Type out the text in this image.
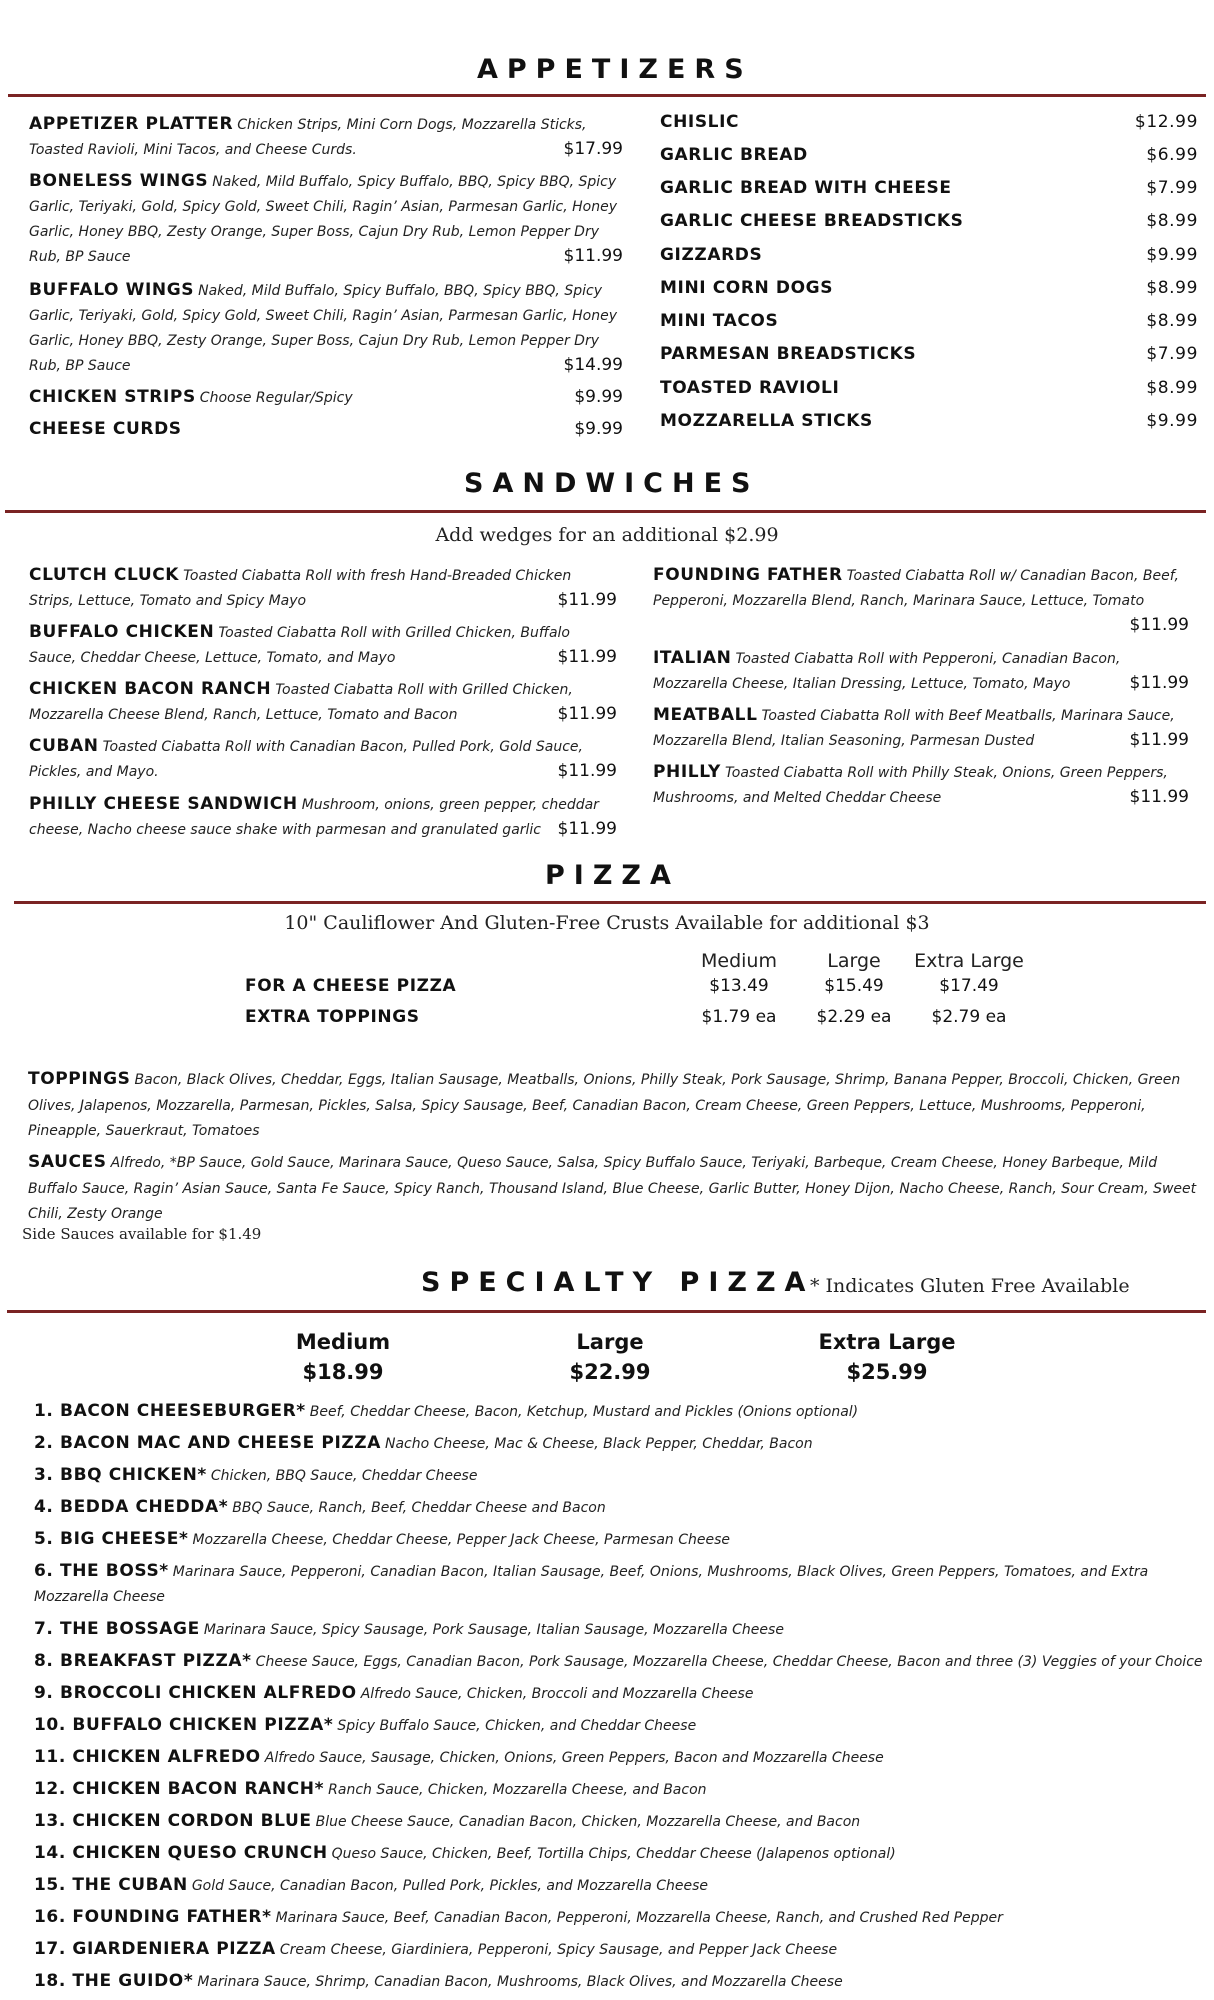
APPETIZERS
APPETIZER PLATTER Chicken Strips, Mini Corn Dogs, Mozzarella Sticks, Toasted Ravioli, Mini Tacos, and Cheese Curds.	$17.99
BONELESS WINGS Naked, Mild Buffalo, Spicy Buffalo, BBQ, Spicy BBQ, Spicy Garlic, Teriyaki, Gold, Spicy Gold, Sweet Chili, Ragin’ Asian, Parmesan Garlic, Honey Garlic, Honey BBQ, Zesty Orange, Super Boss, Cajun Dry Rub, Lemon Pepper Dry Rub, BP Sauce	$11.99
BUFFALO WINGS Naked, Mild Buffalo, Spicy Buffalo, BBQ, Spicy BBQ, Spicy Garlic, Teriyaki, Gold, Spicy Gold, Sweet Chili, Ragin’ Asian, Parmesan Garlic, Honey Garlic, Honey BBQ, Zesty Orange, Super Boss, Cajun Dry Rub, Lemon Pepper Dry Rub, BP Sauce	$14.99
CHICKEN STRIPS Choose Regular/Spicy	$9.99
CHEESE CURDS	$9.99
CHISLIC	$12.99
GARLIC BREAD	$6.99
GARLIC BREAD WITH CHEESE	$7.99
GARLIC CHEESE BREADSTICKS	$8.99
GIZZARDS	$9.99
MINI CORN DOGS	$8.99
MINI TACOS	$8.99
PARMESAN BREADSTICKS	$7.99
TOASTED RAVIOLI	$8.99
MOZZARELLA STICKS	$9.99
SANDWICHES
Add wedges for an additional $2.99
CLUTCH CLUCK Toasted Ciabatta Roll with fresh Hand-Breaded Chicken Strips, Lettuce, Tomato and Spicy Mayo	$11.99
BUFFALO CHICKEN Toasted Ciabatta Roll with Grilled Chicken, Buffalo Sauce, Cheddar Cheese, Lettuce, Tomato, and Mayo	$11.99
CHICKEN BACON RANCH Toasted Ciabatta Roll with Grilled Chicken, Mozzarella Cheese Blend, Ranch, Lettuce, Tomato and Bacon	$11.99
CUBAN Toasted Ciabatta Roll with Canadian Bacon, Pulled Pork, Gold Sauce, Pickles, and Mayo.	$11.99
PHILLY CHEESE SANDWICH Mushroom, onions, green pepper, cheddar cheese, Nacho cheese sauce shake with parmesan and granulated garlic $11.99
FOUNDING FATHER Toasted Ciabatta Roll w/ Canadian Bacon, Beef, Pepperoni, Mozzarella Blend, Ranch, Marinara Sauce, Lettuce, Tomato
$11.99
ITALIAN Toasted Ciabatta Roll with Pepperoni, Canadian Bacon, Mozzarella Cheese, Italian Dressing, Lettuce, Tomato, Mayo	$11.99
MEATBALL Toasted Ciabatta Roll with Beef Meatballs, Marinara Sauce, Mozzarella Blend, Italian Seasoning, Parmesan Dusted	$11.99
PHILLY Toasted Ciabatta Roll with Philly Steak, Onions, Green Peppers, Mushrooms, and Melted Cheddar Cheese	$11.99
PIZZA
10" Cauliflower And Gluten-Free Crusts Available for additional $3
Medium	Large	Extra Large
FOR A CHEESE PIZZA	$13.49	$15.49	$17.49
EXTRA TOPPINGS	$1.79 ea	$2.29 ea	$2.79 ea
TOPPINGS Bacon, Black Olives, Cheddar, Eggs, Italian Sausage, Meatballs, Onions, Philly Steak, Pork Sausage, Shrimp, Banana Pepper, Broccoli, Chicken, Green Olives, Jalapenos, Mozzarella, Parmesan, Pickles, Salsa, Spicy Sausage, Beef, Canadian Bacon, Cream Cheese, Green Peppers, Lettuce, Mushrooms, Pepperoni, Pineapple, Sauerkraut, Tomatoes
SAUCES Alfredo, *BP Sauce, Gold Sauce, Marinara Sauce, Queso Sauce, Salsa, Spicy Buffalo Sauce, Teriyaki, Barbeque, Cream Cheese, Honey Barbeque, Mild Buffalo Sauce, Ragin’ Asian Sauce, Santa Fe Sauce, Spicy Ranch, Thousand Island, Blue Cheese, Garlic Butter, Honey Dijon, Nacho Cheese, Ranch, Sour Cream, Sweet Chili, Zesty Orange
Side Sauces available for $1.49
SPECIALTY PIZZA
* Indicates Gluten Free Available
Medium
$18.99
Large
$22.99
Extra Large
$25.99
1. BACON CHEESEBURGER* Beef, Cheddar Cheese, Bacon, Ketchup, Mustard and Pickles (Onions optional)
2. BACON MAC AND CHEESE PIZZA Nacho Cheese, Mac & Cheese, Black Pepper, Cheddar, Bacon
3. BBQ CHICKEN* Chicken, BBQ Sauce, Cheddar Cheese
4. BEDDA CHEDDA* BBQ Sauce, Ranch, Beef, Cheddar Cheese and Bacon
5. BIG CHEESE* Mozzarella Cheese, Cheddar Cheese, Pepper Jack Cheese, Parmesan Cheese
6. THE BOSS* Marinara Sauce, Pepperoni, Canadian Bacon, Italian Sausage, Beef, Onions, Mushrooms, Black Olives, Green Peppers, Tomatoes, and Extra Mozzarella Cheese
7. THE BOSSAGE Marinara Sauce, Spicy Sausage, Pork Sausage, Italian Sausage, Mozzarella Cheese
8. BREAKFAST PIZZA* Cheese Sauce, Eggs, Canadian Bacon, Pork Sausage, Mozzarella Cheese, Cheddar Cheese, Bacon and three (3) Veggies of your Choice
9. BROCCOLI CHICKEN ALFREDO Alfredo Sauce, Chicken, Broccoli and Mozzarella Cheese
10. BUFFALO CHICKEN PIZZA* Spicy Buffalo Sauce, Chicken, and Cheddar Cheese
11. CHICKEN ALFREDO Alfredo Sauce, Sausage, Chicken, Onions, Green Peppers, Bacon and Mozzarella Cheese
12. CHICKEN BACON RANCH* Ranch Sauce, Chicken, Mozzarella Cheese, and Bacon
13. CHICKEN CORDON BLUE Blue Cheese Sauce, Canadian Bacon, Chicken, Mozzarella Cheese, and Bacon
14. CHICKEN QUESO CRUNCH Queso Sauce, Chicken, Beef, Tortilla Chips, Cheddar Cheese (Jalapenos optional)
15. THE CUBAN Gold Sauce, Canadian Bacon, Pulled Pork, Pickles, and Mozzarella Cheese
16. FOUNDING FATHER* Marinara Sauce, Beef, Canadian Bacon, Pepperoni, Mozzarella Cheese, Ranch, and Crushed Red Pepper
17. GIARDENIERA PIZZA Cream Cheese, Giardiniera, Pepperoni, Spicy Sausage, and Pepper Jack Cheese
18. THE GUIDO* Marinara Sauce, Shrimp, Canadian Bacon, Mushrooms, Black Olives, and Mozzarella Cheese
